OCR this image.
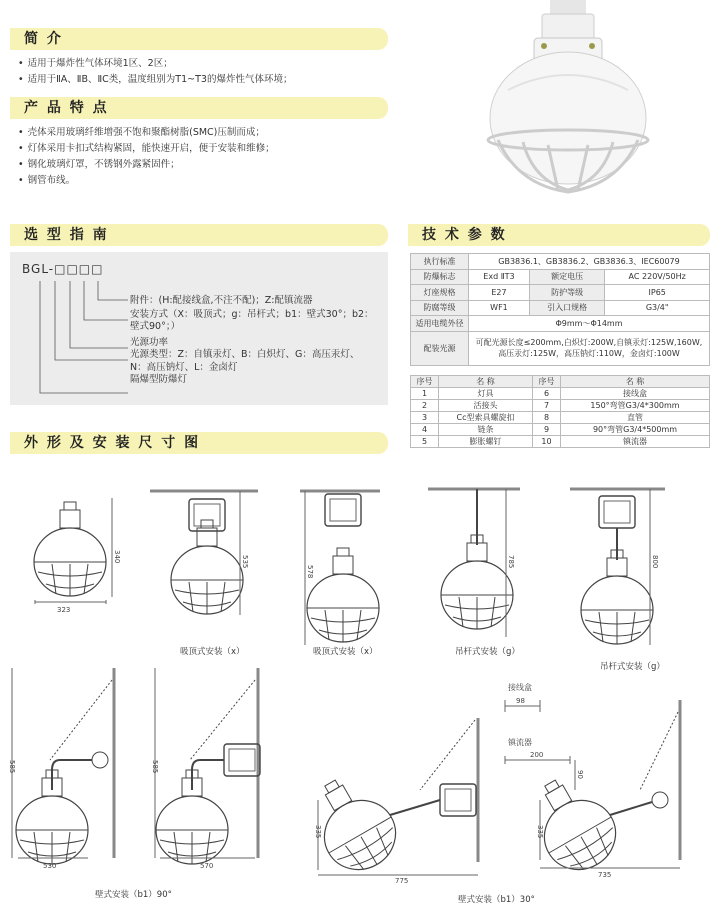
简 介
• 适用于爆炸性气体环境1区、2区；
• 适用于ⅡA、ⅡB、ⅡC类，温度组别为T1~T3的爆炸性气体环境；
产 品 特 点
• 壳体采用玻璃纤维增强不饱和聚酯树脂(SMC)压制而成；
• 灯体采用卡扣式结构紧固，能快速开启，便于安装和维修；
• 钢化玻璃灯罩，不锈钢外露紧固件；
• 钢管布线。
选 型 指 南	技 术 参 数
BGL-□□□□
附件：(H:配接线盒,不注不配)；Z:配镇流器
安装方式（X：吸顶式；g：吊杆式；b1：壁式30°；b2：
壁式90°；）
光源功率
光源类型：Z：自镇汞灯、B：白炽灯、G：高压汞灯、
N：高压钠灯、L：金卤灯
隔爆型防爆灯
执行标准	GB3836.1、GB3836.2、GB3836.3、IEC60079		
防爆标志	Exd ⅡT3	额定电压	AC 220V/50Hz
灯座规格	E27	防护等级	IP65
防腐等级	WF1	引入口规格	G3/4"
适用电缆外径	Φ9mm～Φ14mm		
配装光源	可配光源长度≤200mm,白炽灯:200W,自镇汞灯:125W,160W,
高压汞灯:125W，高压钠灯:110W，金卤灯:100W		
序号	名 称	序号	名 称
1	灯具	6	接线盒
2	活接头	7	150°弯管G3/4*300mm
3	Cc型索具螺旋扣	8	直管
4	链条	9	90°弯管G3/4*500mm
5	膨胀螺钉	10	镇流器
外 形 及 安 装 尺 寸 图
323
340	535
578
785	800
530
585
570
585
775
335
735
335
接线盒
98
镇流器
200
90
吸顶式安装（x）	吸顶式安装（x）	吊杆式安装（g）
吊杆式安装（g）
壁式安装（b1）90°	壁式安装（b1）30°
